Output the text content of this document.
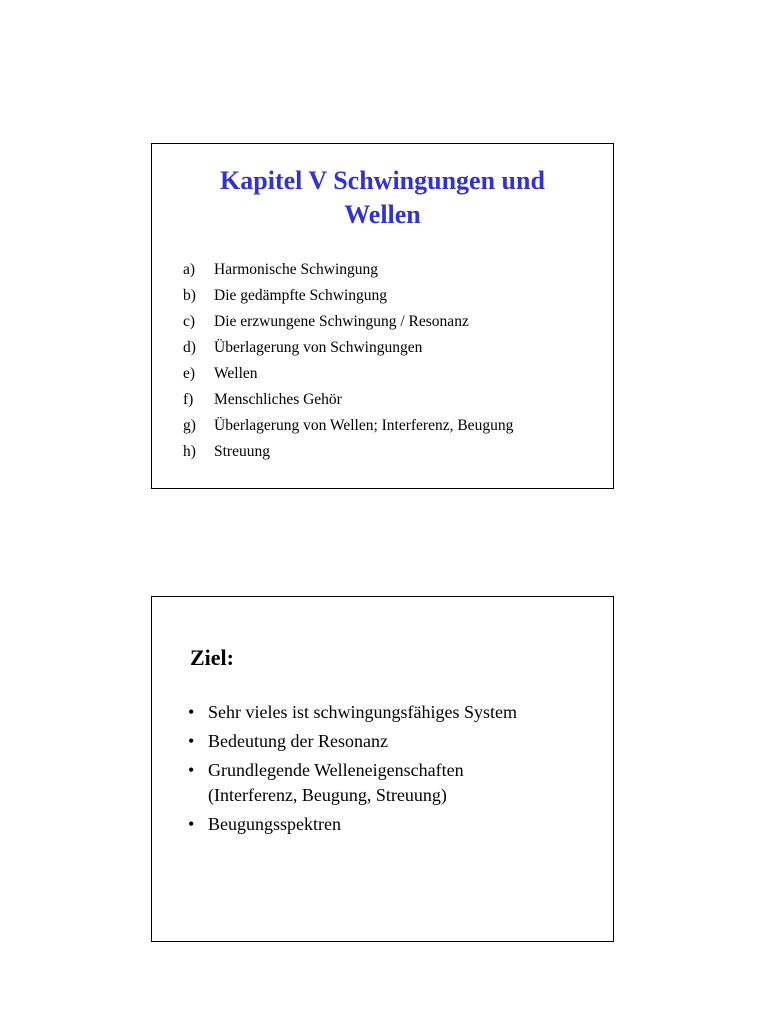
Kapitel V Schwingungen und Wellen
a)	Harmonische Schwingung
b)	Die gedämpfte Schwingung
c)	Die erzwungene Schwingung / Resonanz
d)	Überlagerung von Schwingungen
e)	Wellen
f)	Menschliches Gehör
g)	Überlagerung von Wellen; Interferenz, Beugung
h)	Streuung
Ziel:
• Sehr vieles ist schwingungsfähiges System
• Bedeutung der Resonanz
• Grundlegende Welleneigenschaften
(Interferenz, Beugung, Streuung)
• Beugungsspektren
